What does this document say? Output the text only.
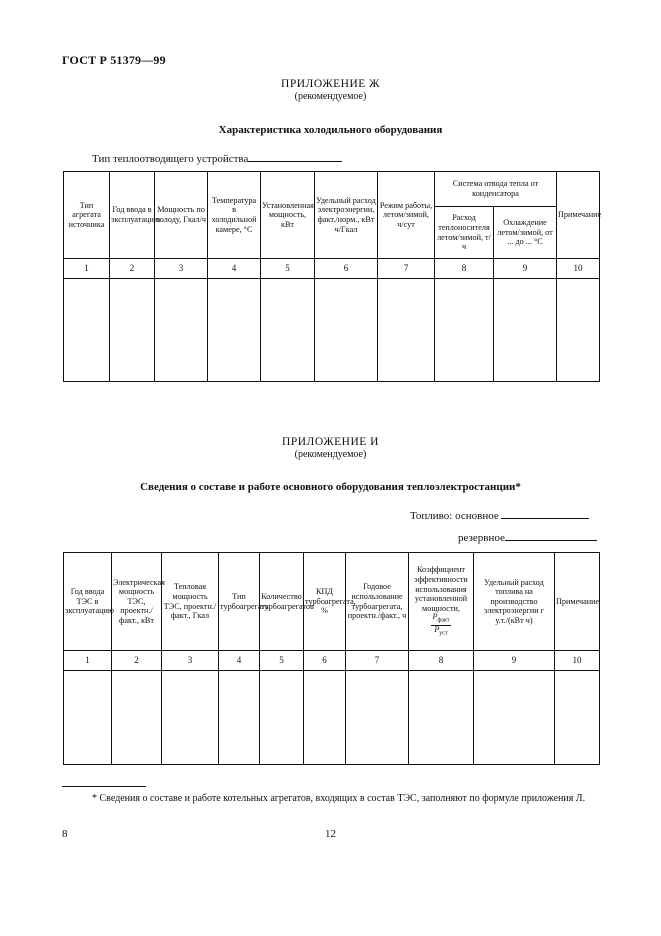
ГОСТ Р 51379—99
ПРИЛОЖЕНИЕ Ж
(рекомендуемое)
Характеристика холодильного оборудования
Тип теплоотводящего устройства
Тип агрегата источника	Год ввода в эксплуатацию	Мощность по холоду, Гкал/ч	Температура в холодильной камере, °С	Установленная мощность, кВт	Удельный расход электроэнергии, факт./норм., кВт ч/Гкал	Режим работы, летом/зимой, ч/сут	Система отвода тепла от конденсатора		Примечание
							Расход теплоносителя летом/зимой, т/ч	Охлаждение летом/зимой, от ... до ... °С	
1	2	3	4	5	6	7	8	9	10

ПРИЛОЖЕНИЕ И
(рекомендуемое)
Сведения о составе и работе основного оборудования теплоэлектростанции*
Топливо: основное
резервное
Год ввода ТЭС в эксплуатацию	Электрическая мощность ТЭС, проектн./факт., кВт	Тепловая мощность ТЭС, проектн./факт., Гкал	Тип турбоагрегата	Количество турбоагрегатов	КПД турбоагрегата, %	Годовое использование турбоагрегата, проектн./факт., ч	Коэффициент эффективности использования установленной мощности,
$\frac{P_{факт}}{P_{уст}}$	Удельный расход топлива на производство электроэнергии г у.т./(кВт ч)	Примечание
1	2	3	4	5	6	7	8	9	10

* Сведения о составе и работе котельных агрегатов, входящих в состав ТЭС, заполняют по формуле приложения Л.
8	12
